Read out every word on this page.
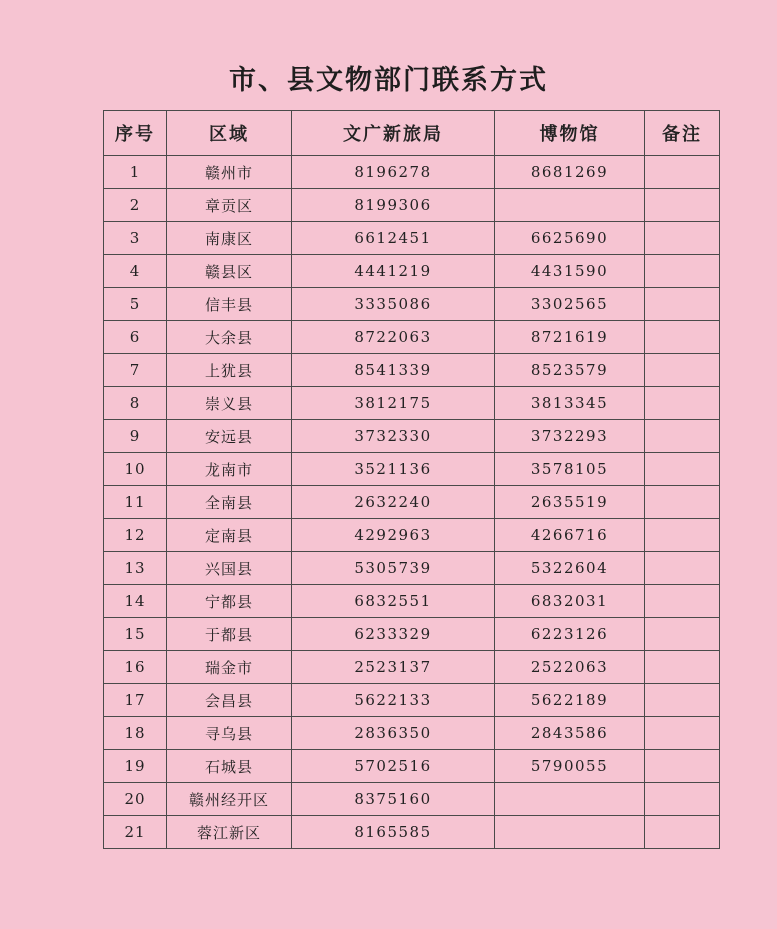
市、县文物部门联系方式
序号	区域	文广新旅局	博物馆	备注
1	赣州市	8196278	8681269	
2	章贡区	8199306		
3	南康区	6612451	6625690	
4	赣县区	4441219	4431590	
5	信丰县	3335086	3302565	
6	大余县	8722063	8721619	
7	上犹县	8541339	8523579	
8	崇义县	3812175	3813345	
9	安远县	3732330	3732293	
10	龙南市	3521136	3578105	
11	全南县	2632240	2635519	
12	定南县	4292963	4266716	
13	兴国县	5305739	5322604	
14	宁都县	6832551	6832031	
15	于都县	6233329	6223126	
16	瑞金市	2523137	2522063	
17	会昌县	5622133	5622189	
18	寻乌县	2836350	2843586	
19	石城县	5702516	5790055	
20	赣州经开区	8375160		
21	蓉江新区	8165585		
